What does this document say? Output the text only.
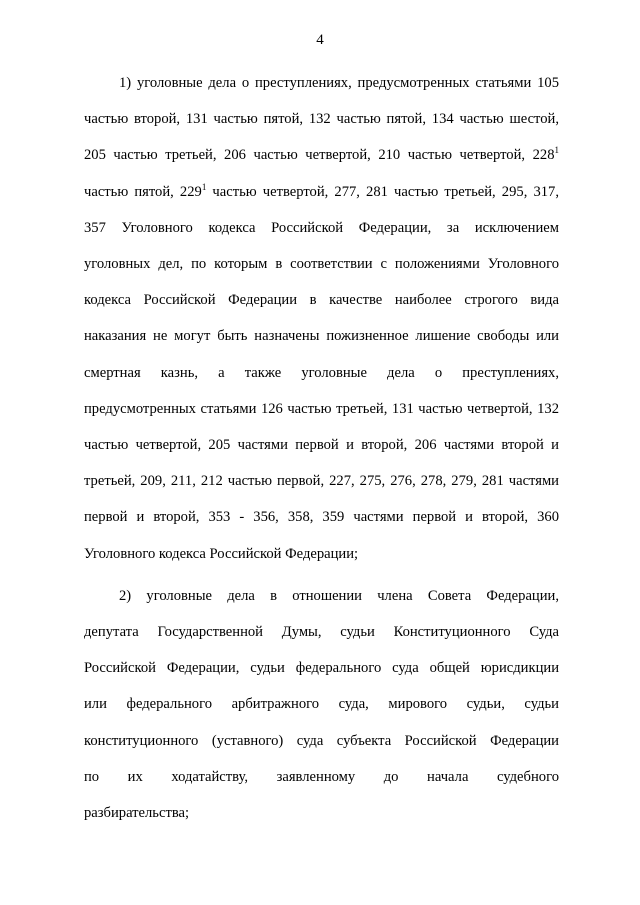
4

1) уголовные дела о преступлениях, предусмотренных статьями 105
частью второй, 131 частью пятой, 132 частью пятой, 134 частью шестой,
205 частью третьей, 206 частью четвертой, 210 частью четвертой, $228^1$
частью пятой, $229^1$ частью четвертой, 277, 281 частью третьей, 295, 317,
357 Уголовного кодекса Российской Федерации, за исключением
уголовных дел, по которым в соответствии с положениями Уголовного
кодекса Российской Федерации в качестве наиболее строгого вида
наказания не могут быть назначены пожизненное лишение свободы или
смертная казнь, а также уголовные дела о преступлениях,
предусмотренных статьями 126 частью третьей, 131 частью четвертой, 132
частью четвертой, 205 частями первой и второй, 206 частями второй и
третьей, 209, 211, 212 частью первой, 227, 275, 276, 278, 279, 281 частями
первой и второй, 353 - 356, 358, 359 частями первой и второй, 360
Уголовного кодекса Российской Федерации;

2) уголовные дела в отношении члена Совета Федерации,
депутата Государственной Думы, судьи Конституционного Суда
Российской Федерации, судьи федерального суда общей юрисдикции
или федерального арбитражного суда, мирового судьи, судьи
конституционного (уставного) суда субъекта Российской Федерации
по их ходатайству, заявленному до начала судебного
разбирательства;
